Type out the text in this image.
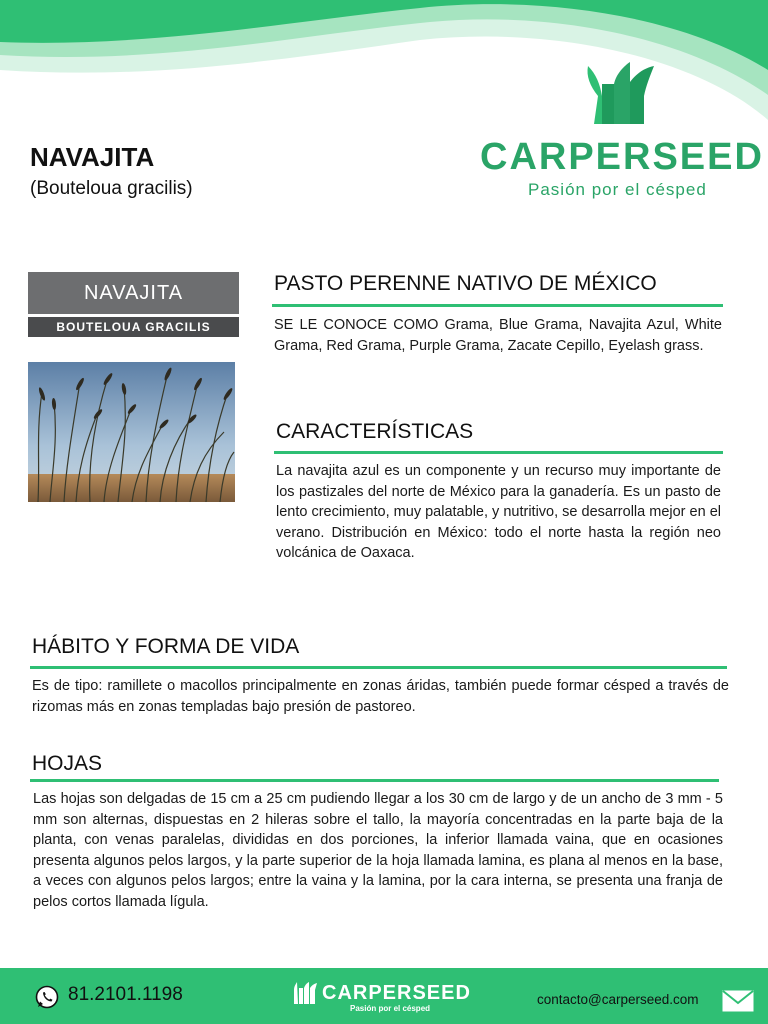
NAVAJITA
(Bouteloua gracilis)
CARPERSEED
Pasión por el césped
NAVAJITA
BOUTELOUA GRACILIS
PASTO PERENNE NATIVO DE MÉXICO
SE LE CONOCE COMO Grama, Blue Grama, Navajita Azul, White Grama, Red Grama, Purple Grama, Zacate Cepillo, Eyelash grass.
CARACTERÍSTICAS
La navajita azul es un componente y un recurso muy importante de los pastizales del norte de México para la ganadería. Es un pasto de lento crecimiento, muy palatable, y nutritivo, se desarrolla mejor en el verano. Distribución en México: todo el norte hasta la región neo volcánica de Oaxaca.
HÁBITO Y FORMA DE VIDA
Es de tipo: ramillete o macollos principalmente en zonas áridas, también puede formar césped a través de rizomas más en zonas templadas bajo presión de pastoreo.
HOJAS
Las hojas son delgadas de 15 cm a 25 cm pudiendo llegar a los 30 cm de largo y de un ancho de 3 mm - 5 mm son alternas, dispuestas en 2 hileras sobre el tallo, la mayoría concentradas en la parte baja de la planta, con venas paralelas, divididas en dos porciones, la inferior llamada vaina, que en ocasiones presenta algunos pelos largos, y la parte superior de la hoja llamada lamina, es plana al menos en la base, a veces con algunos pelos largos; entre la vaina y la lamina, por la cara interna, se presenta una franja de pelos cortos llamada lígula.
81.2101.1198	CARPERSEED
Pasión por el césped
contacto@carperseed.com
